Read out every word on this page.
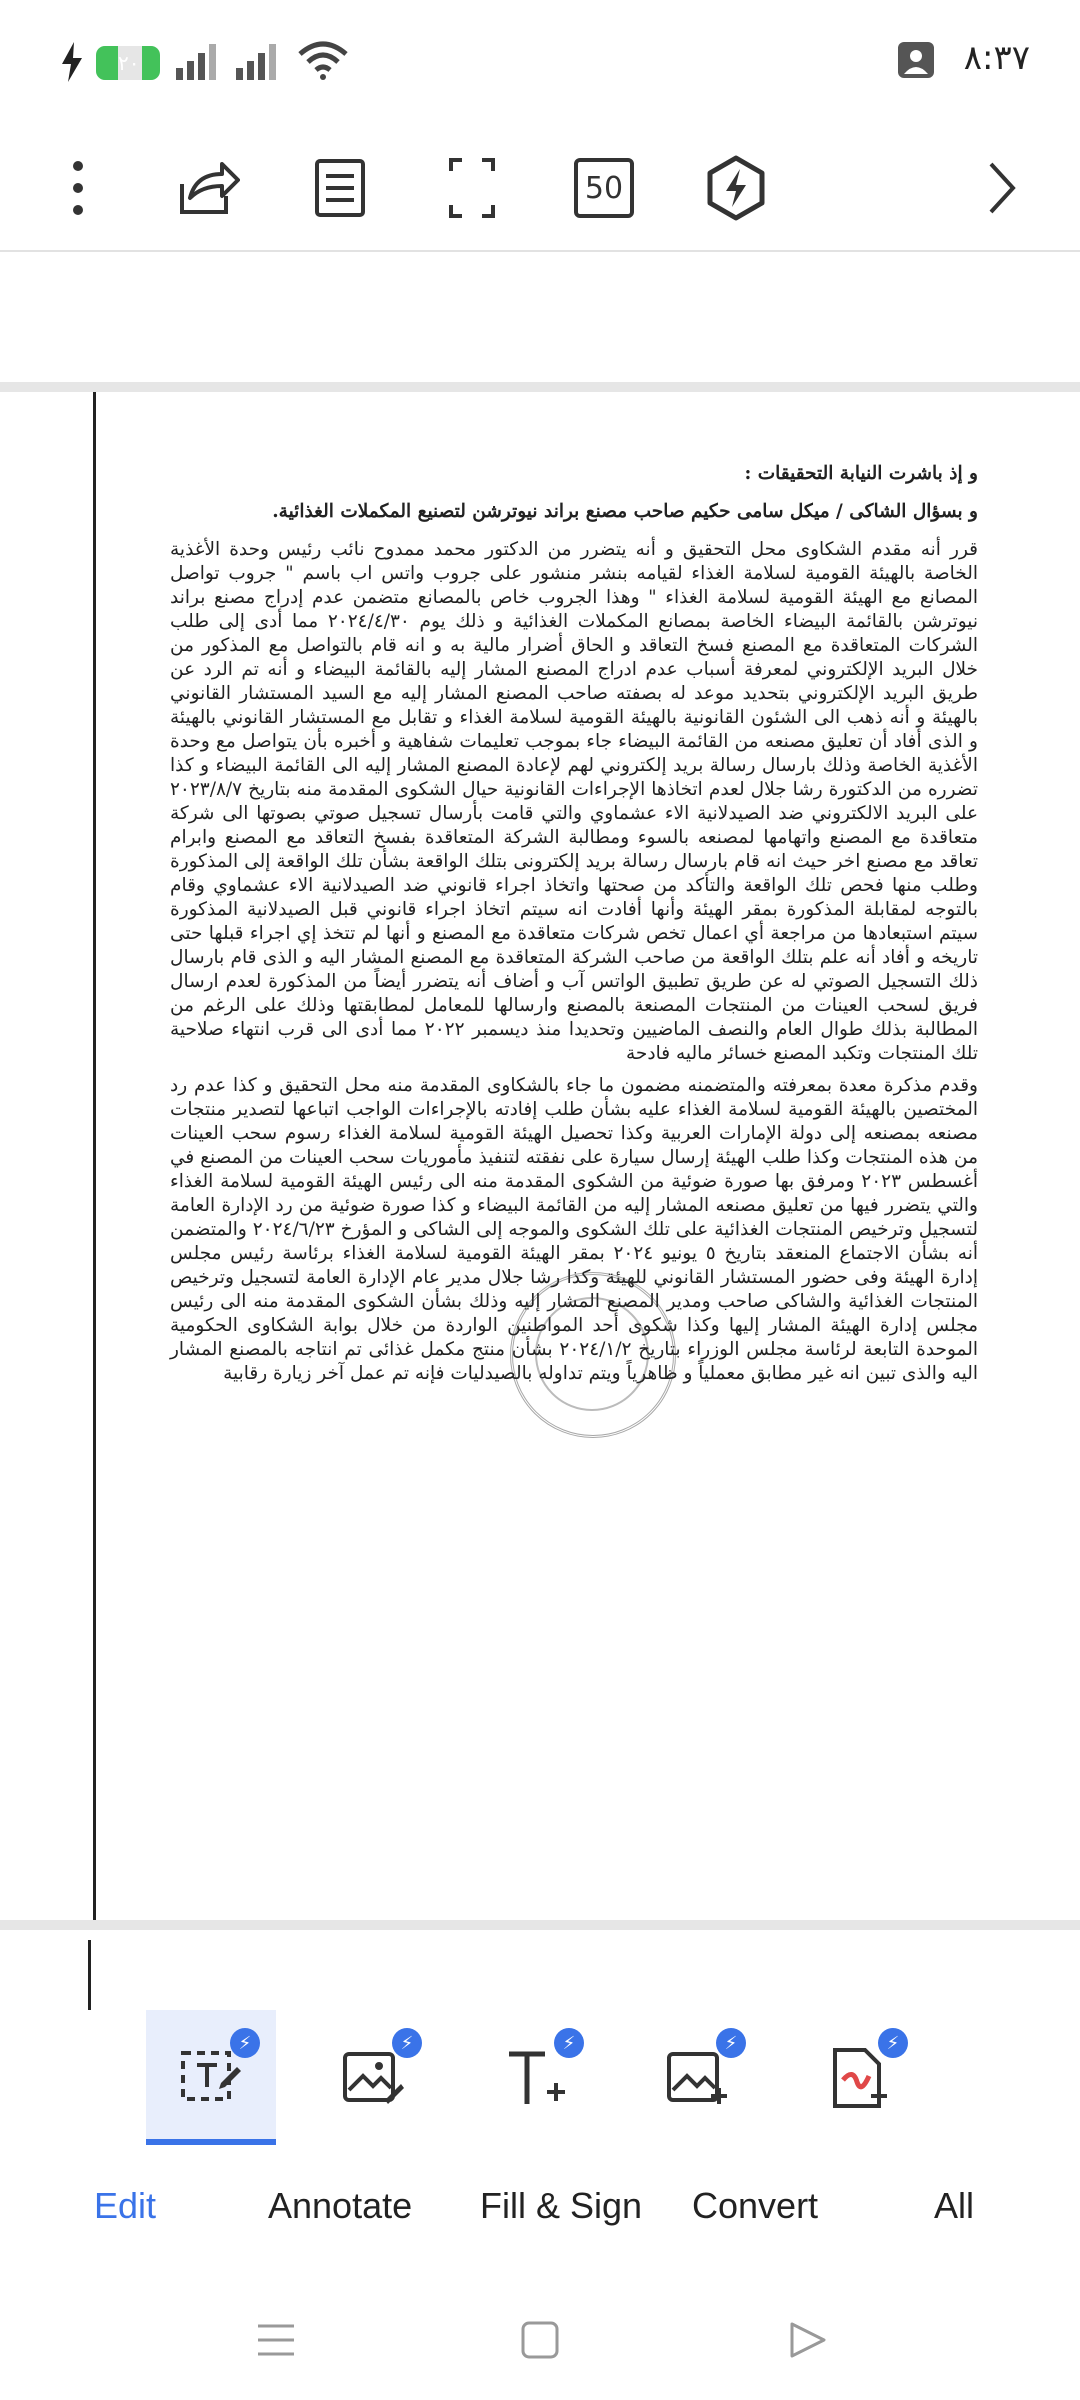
٢٠	٨:٣٧
50

و إذ باشرت النيابة التحقيقات :

و بسؤال الشاكى / ميكل سامى حكيم صاحب مصنع براند نيوترشن لتصنيع المكملات الغذائية.

قرر أنه مقدم الشكاوى محل التحقيق و أنه يتضرر من الدكتور محمد ممدوح نائب رئيس وحدة الأغذية الخاصة بالهيئة القومية لسلامة الغذاء لقيامه بنشر منشور على جروب واتس اب باسم " جروب تواصل المصانع مع الهيئة القومية لسلامة الغذاء " وهذا الجروب خاص بالمصانع متضمن عدم إدراج مصنع براند نيوترشن بالقائمة البيضاء الخاصة بمصانع المكملات الغذائية و ذلك يوم ٢٠٢٤/٤/٣٠ مما أدى إلى طلب الشركات المتعاقدة مع المصنع فسخ التعاقد و الحاق أضرار مالية به و انه قام بالتواصل مع المذكور من خلال البريد الإلكتروني لمعرفة أسباب عدم ادراج المصنع المشار إليه بالقائمة البيضاء و أنه تم الرد عن طريق البريد الإلكتروني بتحديد موعد له بصفته صاحب المصنع المشار إليه مع السيد المستشار القانوني بالهيئة و أنه ذهب الى الشئون القانونية بالهيئة القومية لسلامة الغذاء و تقابل مع المستشار القانوني بالهيئة و الذى أفاد أن تعليق مصنعه من القائمة البيضاء جاء بموجب تعليمات شفاهية و أخبره بأن يتواصل مع وحدة الأغذية الخاصة وذلك بارسال رسالة بريد إلكتروني لهم لإعادة المصنع المشار إليه الى القائمة البيضاء و كذا تضرره من الدكتورة رشا جلال لعدم اتخاذها الإجراءات القانونية حيال الشكوى المقدمة منه بتاريخ ٢٠٢٣/٨/٧ على البريد الالكتروني ضد الصيدلانية الاء عشماوي والتي قامت بأرسال تسجيل صوتي بصوتها الى شركة متعاقدة مع المصنع واتهامها لمصنعه بالسوء ومطالبة الشركة المتعاقدة بفسخ التعاقد مع المصنع وابرام تعاقد مع مصنع اخر حيث انه قام بارسال رسالة بريد إلكترونى بتلك الواقعة بشأن تلك الواقعة إلى المذكورة وطلب منها فحص تلك الواقعة والتأكد من صحتها واتخاذ اجراء قانوني ضد الصيدلانية الاء عشماوي وقام بالتوجه لمقابلة المذكورة بمقر الهيئة وأنها أفادت انه سيتم اتخاذ اجراء قانوني قبل الصيدلانية المذكورة سيتم استبعادها من مراجعة أي اعمال تخص شركات متعاقدة مع المصنع و أنها لم تتخذ إي اجراء قبلها حتى تاريخه و أفاد أنه علم بتلك الواقعة من صاحب الشركة المتعاقدة مع المصنع المشار اليه و الذى قام بارسال ذلك التسجيل الصوتي له عن طريق تطبيق الواتس آب و أضاف أنه يتضرر أيضاً من المذكورة لعدم ارسال فريق لسحب العينات من المنتجات المصنعة بالمصنع وارسالها للمعامل لمطابقتها وذلك على الرغم من المطالبة بذلك طوال العام والنصف الماضيين وتحديدا منذ ديسمبر ٢٠٢٢ مما أدى الى قرب انتهاء صلاحية تلك المنتجات وتكبد المصنع خسائر ماليه فادحة

وقدم مذكرة معدة بمعرفته والمتضمنه مضمون ما جاء بالشكاوى المقدمة منه محل التحقيق و كذا عدم رد المختصين بالهيئة القومية لسلامة الغذاء عليه بشأن طلب إفادته بالإجراءات الواجب اتباعها لتصدير منتجات مصنعه بمصنعه إلى دولة الإمارات العربية وكذا تحصيل الهيئة القومية لسلامة الغذاء رسوم سحب العينات من هذه المنتجات وكذا طلب الهيئة إرسال سيارة على نفقته لتنفيذ مأموريات سحب العينات من المصنع في أغسطس ٢٠٢٣ ومرفق بها صورة ضوئية من الشكوى المقدمة منه الى رئيس الهيئة القومية لسلامة الغذاء والتي يتضرر فيها من تعليق مصنعه المشار إليه من القائمة البيضاء و كذا صورة ضوئية من رد الإدارة العامة لتسجيل وترخيص المنتجات الغذائية على تلك الشكوى والموجه إلى الشاكى و المؤرخ ٢٠٢٤/٦/٢٣ والمتضمن أنه بشأن الاجتماع المنعقد بتاريخ ٥ يونيو ٢٠٢٤ بمقر الهيئة القومية لسلامة الغذاء برئاسة رئيس مجلس إدارة الهيئة وفى حضور المستشار القانوني للهيئة وكذا رشا جلال مدير عام الإدارة العامة لتسجيل وترخيص المنتجات الغذائية والشاكى صاحب ومدير المصنع المشار إليه وذلك بشأن الشكوى المقدمة منه الى رئيس مجلس إدارة الهيئة المشار إليها وكذا شكوى أحد المواطنين الواردة من خلال بوابة الشكاوى الحكومية الموحدة التابعة لرئاسة مجلس الوزراء بتاريخ ٢٠٢٤/١/٢ بشأن منتج مكمل غذائى تم انتاجه بالمصنع المشار اليه والذى تبين انه غير مطابق معملياً و ظاهرياً ويتم تداوله بالصيدليات فإنه تم عمل آخر زيارة رقابية

⚡	⚡	⚡	⚡	⚡
Edit	Annotate Fill & Sign Convert	All
